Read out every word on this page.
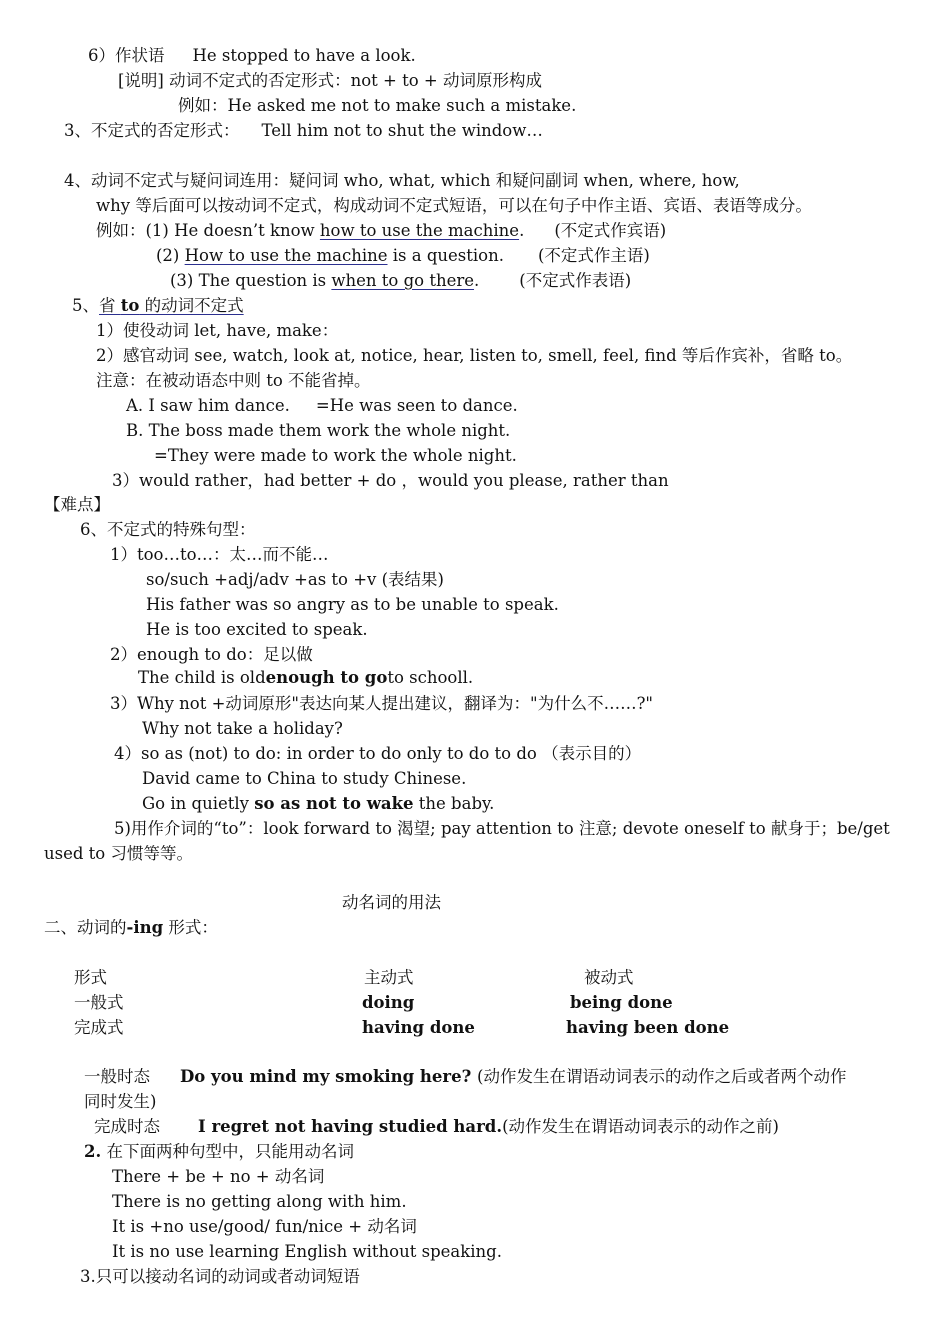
6）作状语 He stopped to have a look.
[说明] 动词不定式的否定形式：not + to + 动词原形构成
例如：He asked me not to make such a mistake.
3、不定式的否定形式： Tell him not to shut the window…
4、动词不定式与疑问词连用：疑问词 who, what, which 和疑问副词 when, where, how,
why 等后面可以按动词不定式，构成动词不定式短语，可以在句子中作主语、宾语、表语等成分。
例如：(1) He doesn’t know how to use the machine. (不定式作宾语)
(2) How to use the machine is a question. (不定式作主语)
(3) The question is when to go there. (不定式作表语)
5、省 to 的动词不定式
1）使役动词 let, have, make：
2）感官动词 see, watch, look at, notice, hear, listen to, smell, feel, find 等后作宾补，省略 to。
注意：在被动语态中则 to 不能省掉。
A. I saw him dance. =He was seen to dance.
B. The boss made them work the whole night.
=They were made to work the whole night.
3）would rather，had better + do ，would you please, rather than
【难点】
6、不定式的特殊句型：
1）too…to…：太…而不能…
so/such +adj/adv +as to +v (表结果)
His father was so angry as to be unable to speak.
He is too excited to speak.
2）enough to do：足以做
The child is oldenough to goto schooll.
3）Why not +动词原形"表达向某人提出建议，翻译为："为什么不……?"
Why not take a holiday?
4）so as (not) to do: in order to do only to do to do （表示目的）
David came to China to study Chinese.
Go in quietly so as not to wake the baby.
5)用作介词的“to”：look forward to 渴望; pay attention to 注意; devote oneself to 献身于；be/get
used to 习惯等等。
动名词的用法
二、动词的-ing 形式：
形式	主动式	被动式
一般式	doing	being done
完成式	having done	having been done
一般时态 Do you mind my smoking here? (动作发生在谓语动词表示的动作之后或者两个动作
同时发生)
完成时态 I regret not having studied hard.(动作发生在谓语动词表示的动作之前)
2. 在下面两种句型中，只能用动名词
There + be + no + 动名词
There is no getting along with him.
It is +no use/good/ fun/nice + 动名词
It is no use learning English without speaking.
3.只可以接动名词的动词或者动词短语
